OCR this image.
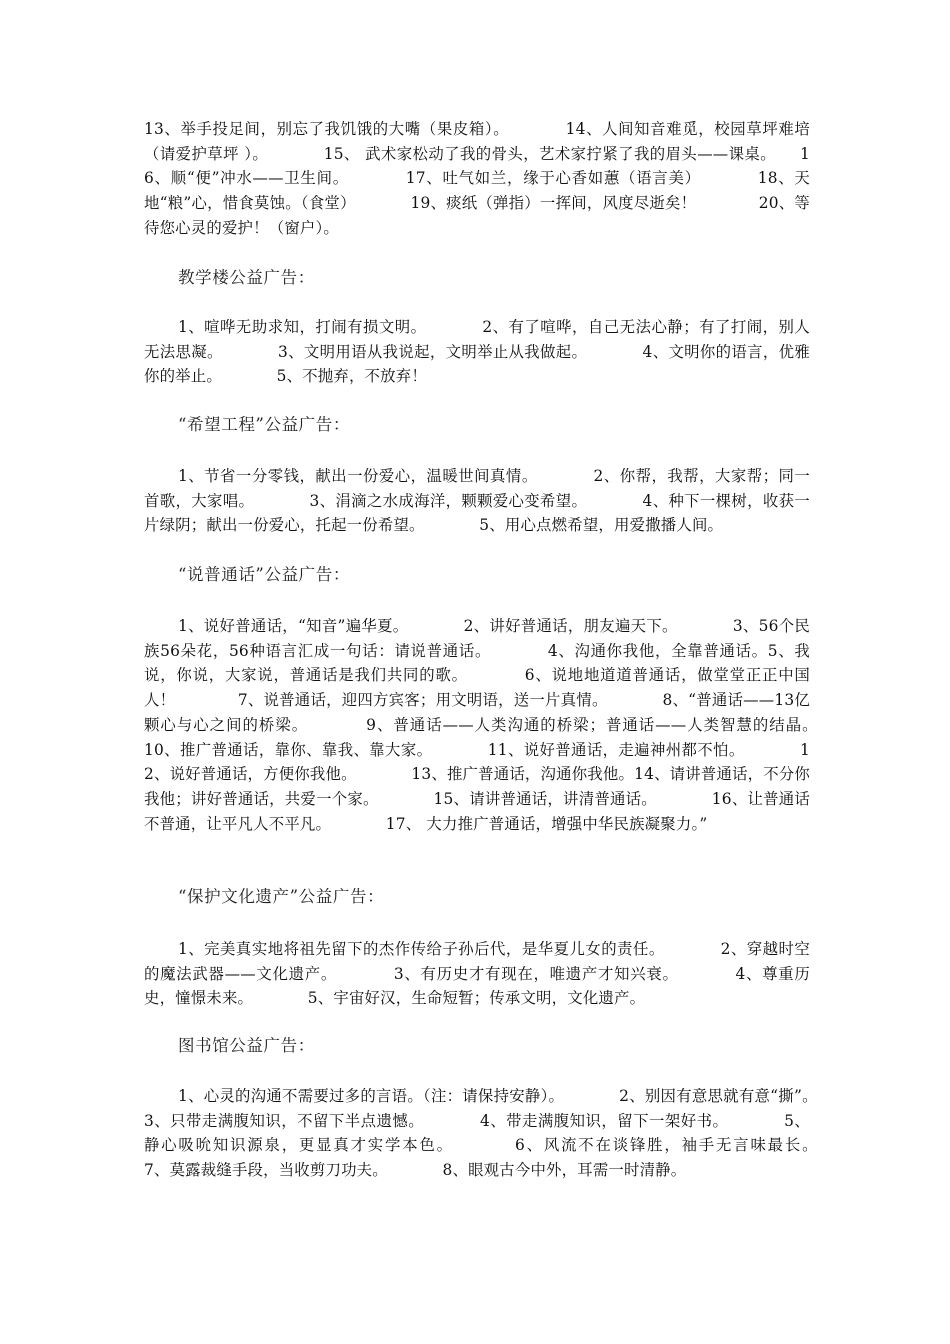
13、举手投足间，别忘了我饥饿的大嘴（果皮箱）。　　　　14、人间知音难觅，校园草坪难培（请爱护草坪 ）。　　　　15、 武术家松动了我的骨头，艺术家拧紧了我的眉头——课桌。　　16、顺“便”冲水——卫生间。　　　　17、吐气如兰，缘于心香如蕙（语言美）　　　　18、天地“粮”心，惜食莫蚀。（食堂）　　　　19、痰纸（弹指）一挥间，风度尽逝矣！　　　　20、等待您心灵的爱护！（窗户）。
教学楼公益广告：
1、喧哗无助求知，打闹有损文明。　　　　2、有了喧哗，自己无法心静；有了打闹，别人无法思凝。　　　　3、文明用语从我说起，文明举止从我做起。　　　　4、文明你的语言，优雅你的举止。　　　　5、不抛弃，不放弃！
“希望工程”公益广告：
1、节省一分零钱，献出一份爱心，温暖世间真情。　　　　2、你帮，我帮，大家帮；同一首歌，大家唱。　　　　3、涓滴之水成海洋，颗颗爱心变希望。　　　　4、种下一棵树，收获一片绿阴；献出一份爱心，托起一份希望。　　　　5、用心点燃希望，用爱撒播人间。
“说普通话”公益广告：
1、说好普通话，“知音”遍华夏。　　　　2、讲好普通话，朋友遍天下。　　　　3、56个民族56朵花，56种语言汇成一句话：请说普通话。　　　　4、沟通你我他，全靠普通话。5、我说，你说，大家说，普通话是我们共同的歌。　　　　6、说地地道道普通话，做堂堂正正中国人！　　　　7、说普通话，迎四方宾客；用文明语，送一片真情。　　　　8、“普通话——13亿颗心与心之间的桥梁。　　　　9、普通话——人类沟通的桥梁；普通话——人类智慧的结晶。　　　　10、推广普通话，靠你、靠我、靠大家。　　　　11、说好普通话，走遍神州都不怕。　　　　12、说好普通话，方便你我他。　　　　13、推广普通话，沟通你我他。14、请讲普通话，不分你我他；讲好普通话，共爱一个家。　　　　15、请讲普通话，讲清普通话。　　　　16、让普通话不普通，让平凡人不平凡。　　　　17、 大力推广普通话，增强中华民族凝聚力。”
“保护文化遗产”公益广告：
1、完美真实地将祖先留下的杰作传给子孙后代，是华夏儿女的责任。　　　　2、穿越时空的魔法武器——文化遗产。　　　　3、有历史才有现在，唯遗产才知兴衰。　　　　4、尊重历史，憧憬未来。　　　　5、宇宙好汉，生命短暂；传承文明，文化遗产。
图书馆公益广告：
1、心灵的沟通不需要过多的言语。（注：请保持安静）。　　　　2、别因有意思就有意“撕”。　　　　3、只带走满腹知识，不留下半点遗憾。　　　　4、带走满腹知识，留下一架好书。　　　　5、静心吸吮知识源泉，更显真才实学本色。　　　　6、风流不在谈锋胜，袖手无言味最长。　　　　7、莫露裁缝手段，当收剪刀功夫。　　　　8、眼观古今中外，耳需一时清静。
